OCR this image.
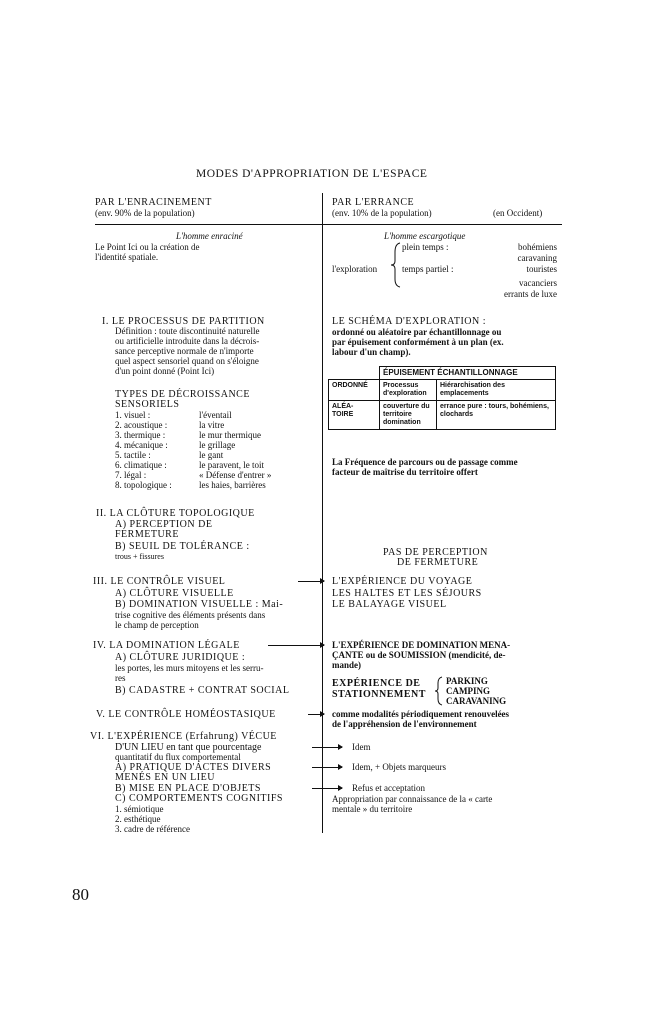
MODES D'APPROPRIATION DE L'ESPACE
PAR L'ENRACINEMENT
(env. 90% de la population)
PAR L'ERRANCE
(env. 10% de la population)	(en Occident)
L'homme enraciné
Le Point Ici ou la création de
l'identité spatiale.
L'homme escargotique
l'exploration
plein temps :
temps partiel :
bohémiens
caravaning
touristes
vacanciers
errants de luxe
I. LE PROCESSUS DE PARTITION
Définition : toute discontinuité naturelle
ou artificielle introduite dans la décrois-
sance perceptive normale de n'importe
quel aspect sensoriel quand on s'éloigne
d'un point donné (Point Ici)
TYPES DE DÉCROISSANCE
SENSORIELS
1. visuel :	l'éventail
2. acoustique :	la vitre
3. thermique :	le mur thermique
4. mécanique :	le grillage
5. tactile :	le gant
6. climatique :	le paravent, le toit
7. légal :	« Défense d'entrer »
8. topologique :	les haies, barrières
LE SCHÉMA D'EXPLORATION :
ordonné ou aléatoire par échantillonnage ou
par épuisement conformément à un plan (ex.
labour d'un champ).
	ÉPUISEMENT ÉCHANTILLONNAGE	
ORDONNÉ	Processus d'exploration	Hiérarchisation des emplacements
ALÉA- TOIRE	couverture du territoire domination	errance pure : tours, bohémiens, clochards
La Fréquence de parcours ou de passage comme
facteur de maîtrise du territoire offert
II. LA CLÔTURE TOPOLOGIQUE
A) PERCEPTION DE
FERMETURE
B) SEUIL DE TOLÉRANCE :
trous + fissures	PAS DE PERCEPTION
DE FERMETURE
III. LE CONTRÔLE VISUEL
A) CLÔTURE VISUELLE
B) DOMINATION VISUELLE : Mai-
trise cognitive des éléments présents dans
le champ de perception
L'EXPÉRIENCE DU VOYAGE
LES HALTES ET LES SÉJOURS
LE BALAYAGE VISUEL
IV. LA DOMINATION LÉGALE
A) CLÔTURE JURIDIQUE :
les portes, les murs mitoyens et les serru-
res
B) CADASTRE + CONTRAT SOCIAL
L'EXPÉRIENCE DE DOMINATION MENA-
ÇANTE ou de SOUMISSION (mendicité, de-
mande)
EXPÉRIENCE DE
STATIONNEMENT
PARKING
CAMPING
CARAVANING
V. LE CONTRÔLE HOMÉOSTASIQUE	comme modalités périodiquement renouvelées
de l'appréhension de l'environnement
VI. L'EXPÉRIENCE (Erfahrung) VÉCUE
D'UN LIEU en tant que pourcentage
quantitatif du flux comportemental
A) PRATIQUE D'ACTES DIVERS
MENÉS EN UN LIEU
B) MISE EN PLACE D'OBJETS
C) COMPORTEMENTS COGNITIFS
1. sémiotique
2. esthétique
3. cadre de référence
Idem
Idem, + Objets marqueurs
Refus et acceptation
Appropriation par connaissance de la « carte
mentale » du territoire
80
